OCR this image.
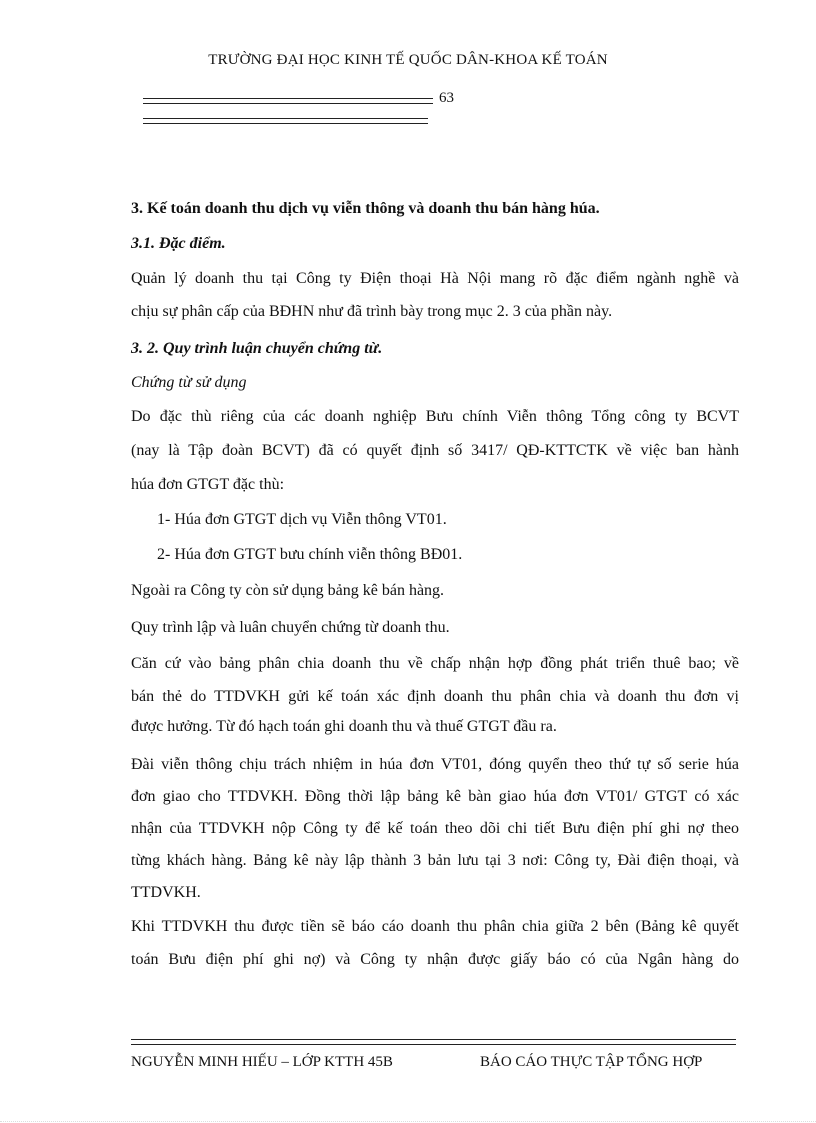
TRƯỜNG ĐẠI HỌC KINH TẾ QUỐC DÂN-KHOA KẾ TOÁN
63
3. Kế toán doanh thu dịch vụ viễn thông và doanh thu bán hàng húa.
3.1. Đặc điểm.
Quản lý doanh thu tại Công ty Điện thoại Hà Nội mang rõ đặc điểm ngành nghề và
chịu sự phân cấp của BĐHN như đã trình bày trong mục 2. 3 của phần này.
3. 2. Quy trình luận chuyển chứng từ.
Chứng từ sử dụng
Do đặc thù riêng của các doanh nghiệp Bưu chính Viễn thông Tổng công ty BCVT
(nay là Tập đoàn BCVT) đã có quyết định số 3417/ QĐ-KTTCTK về việc ban hành
húa đơn GTGT đặc thù:
1- Húa đơn GTGT dịch vụ Viễn thông VT01.
2- Húa đơn GTGT bưu chính viễn thông BĐ01.
Ngoài ra Công ty còn sử dụng bảng kê bán hàng.
Quy trình lập và luân chuyển chứng từ doanh thu.
Căn cứ vào bảng phân chia doanh thu về chấp nhận hợp đồng phát triển thuê bao; về
bán thẻ do TTDVKH gửi kế toán xác định doanh thu phân chia và doanh thu đơn vị
được hưởng. Từ đó hạch toán ghi doanh thu và thuế GTGT đầu ra.
Đài viễn thông chịu trách nhiệm in húa đơn VT01, đóng quyển theo thứ tự số serie húa
đơn giao cho TTDVKH. Đồng thời lập bảng kê bàn giao húa đơn VT01/ GTGT có xác
nhận của TTDVKH nộp Công ty để kế toán theo dõi chi tiết Bưu điện phí ghi nợ theo
từng khách hàng. Bảng kê này lập thành 3 bản lưu tại 3 nơi: Công ty, Đài điện thoại, và
TTDVKH.
Khi TTDVKH thu được tiền sẽ báo cáo doanh thu phân chia giữa 2 bên (Bảng kê quyết
toán Bưu điện phí ghi nợ) và Công ty nhận được giấy báo có của Ngân hàng do
NGUYỄN MINH HIẾU – LỚP KTTH 45B	BÁO CÁO THỰC TẬP TỔNG HỢP
